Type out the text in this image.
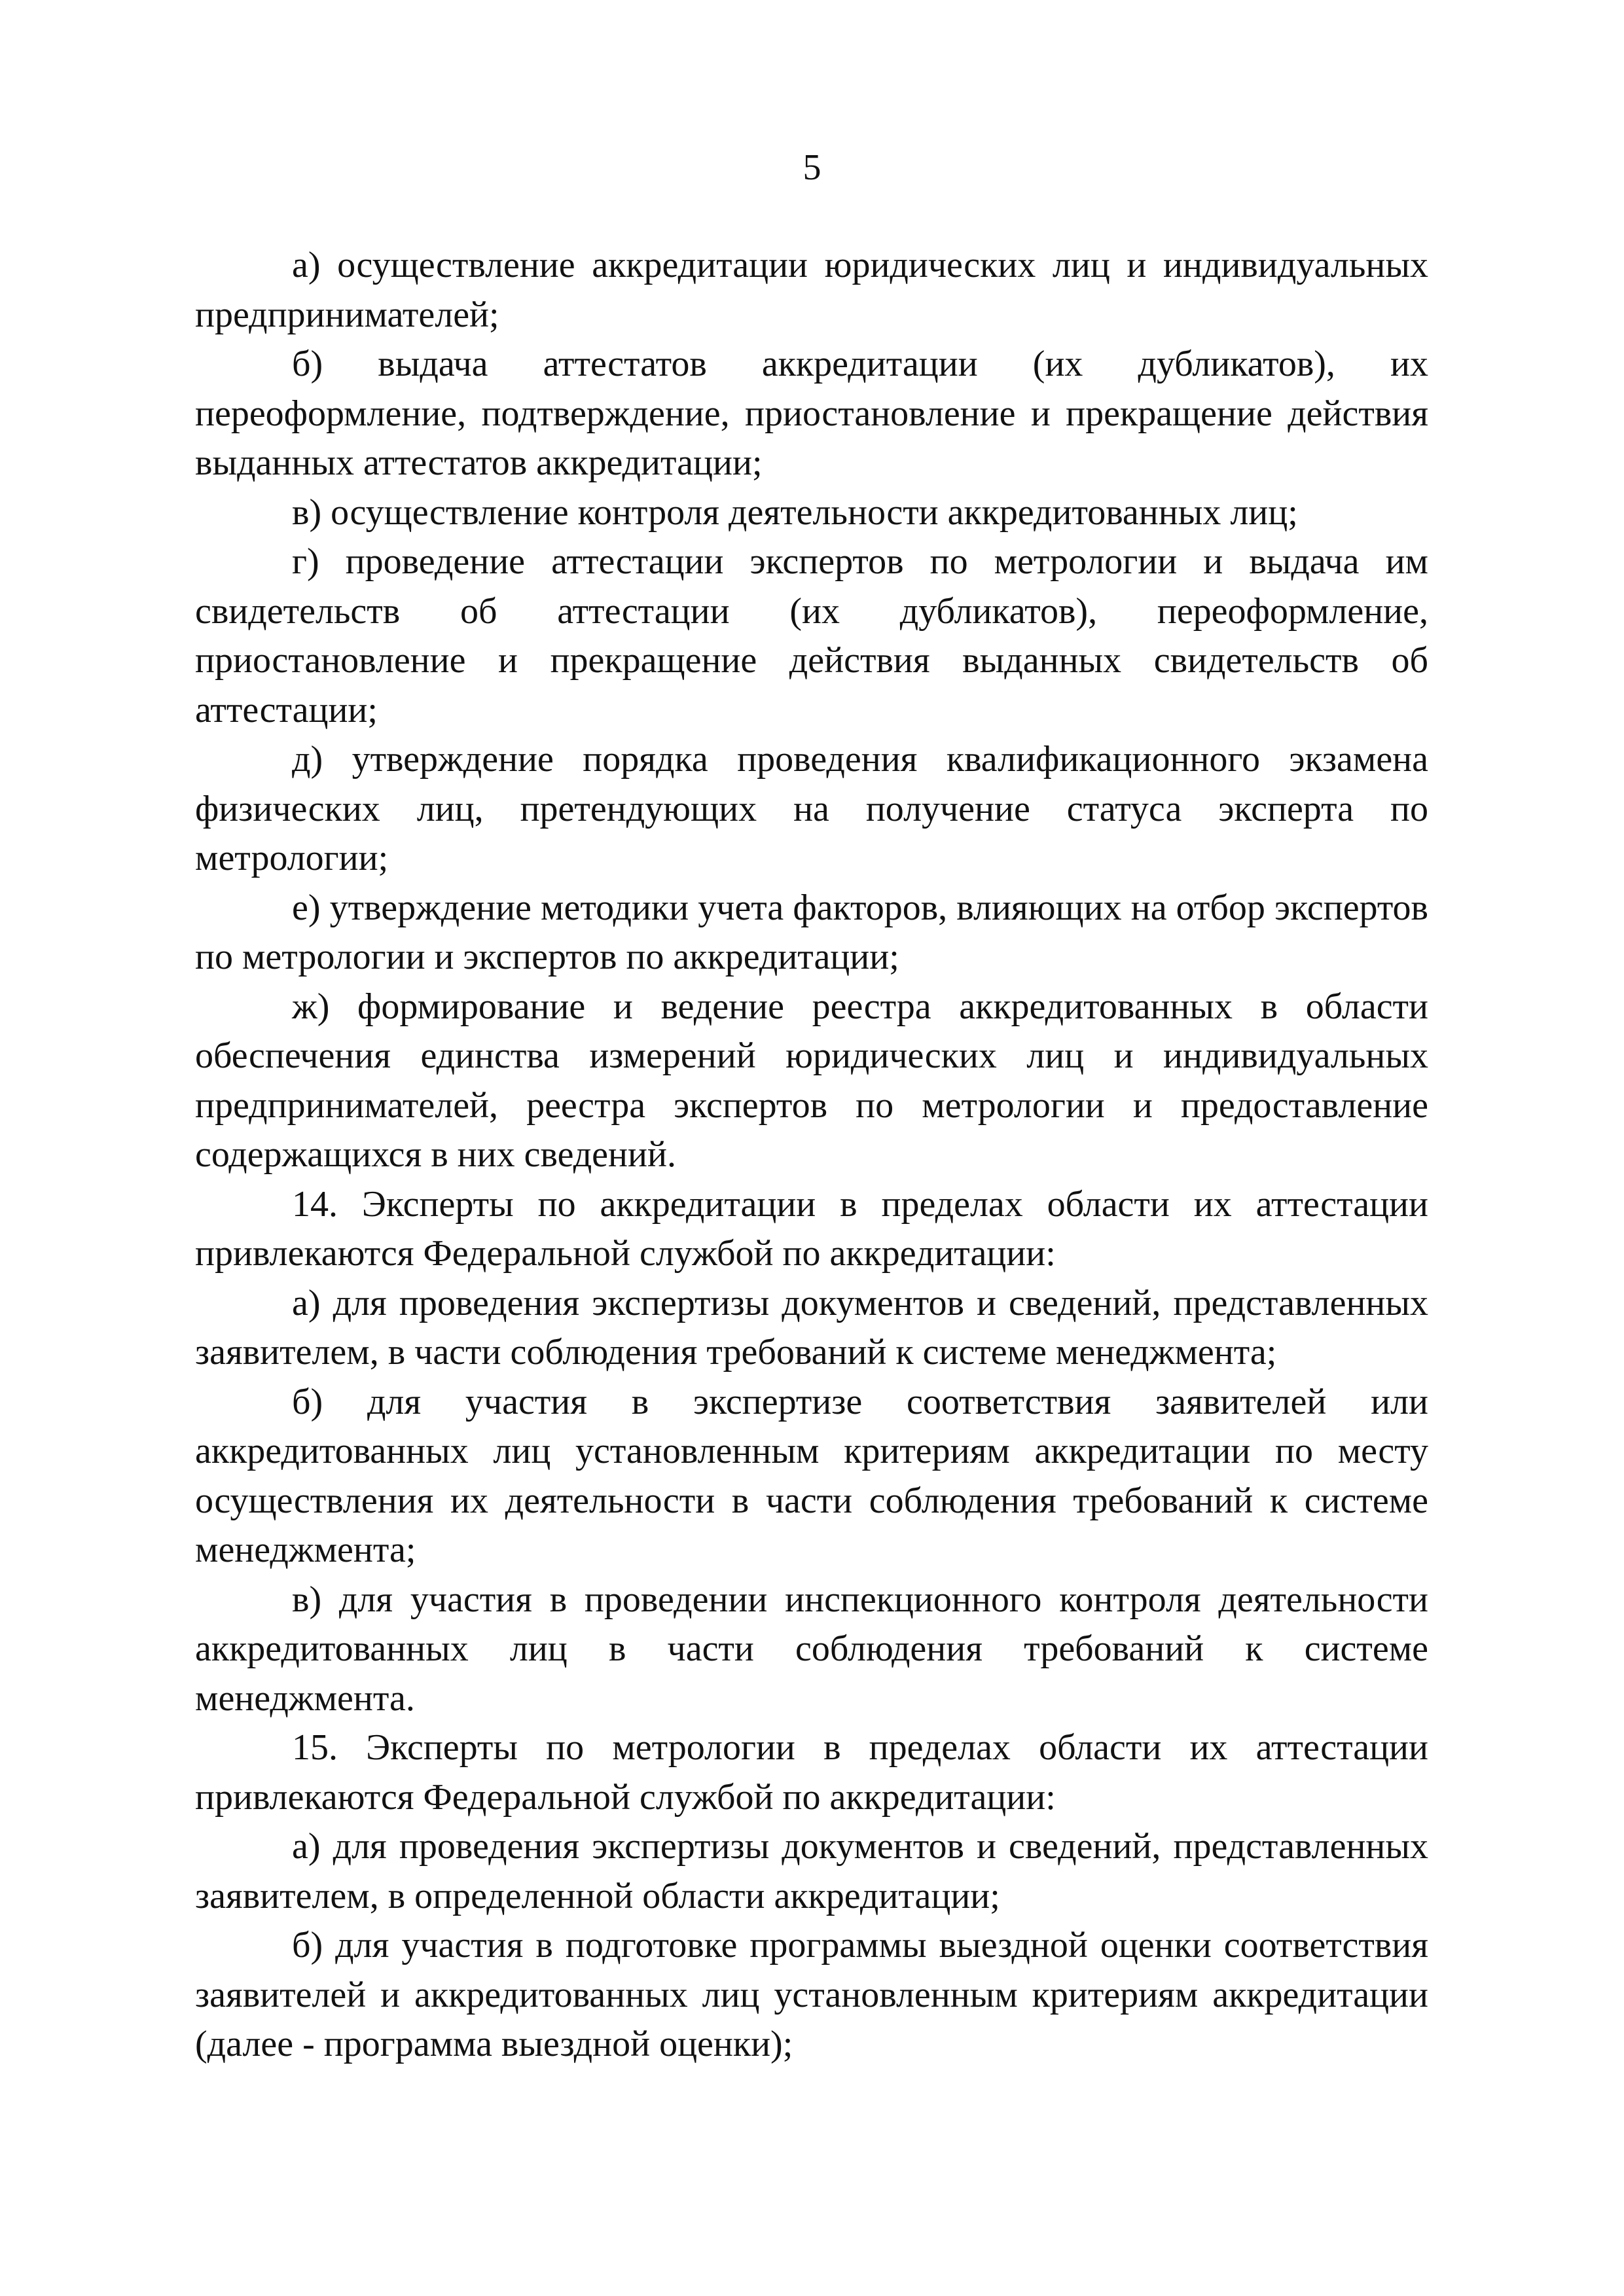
5

а) осуществление аккредитации юридических лиц и индивидуальных предпринимателей;

б) выдача аттестатов аккредитации (их дубликатов), их переоформление, подтверждение, приостановление и прекращение действия выданных аттестатов аккредитации;

в) осуществление контроля деятельности аккредитованных лиц;

г) проведение аттестации экспертов по метрологии и выдача им свидетельств об аттестации (их дубликатов), переоформление, приостановление и прекращение действия выданных свидетельств об аттестации;

д) утверждение порядка проведения квалификационного экзамена физических лиц, претендующих на получение статуса эксперта по метрологии;

е) утверждение методики учета факторов, влияющих на отбор экспертов по метрологии и экспертов по аккредитации;

ж) формирование и ведение реестра аккредитованных в области обеспечения единства измерений юридических лиц и индивидуальных предпринимателей, реестра экспертов по метрологии и предоставление содержащихся в них сведений.

14. Эксперты по аккредитации в пределах области их аттестации привлекаются Федеральной службой по аккредитации:

а) для проведения экспертизы документов и сведений, представленных заявителем, в части соблюдения требований к системе менеджмента;

б) для участия в экспертизе соответствия заявителей или аккредитованных лиц установленным критериям аккредитации по месту осуществления их деятельности в части соблюдения требований к системе менеджмента;

в) для участия в проведении инспекционного контроля деятельности аккредитованных лиц в части соблюдения требований к системе менеджмента.

15. Эксперты по метрологии в пределах области их аттестации привлекаются Федеральной службой по аккредитации:

а) для проведения экспертизы документов и сведений, представленных заявителем, в определенной области аккредитации;

б) для участия в подготовке программы выездной оценки соответствия заявителей и аккредитованных лиц установленным критериям аккредитации (далее - программа выездной оценки);
